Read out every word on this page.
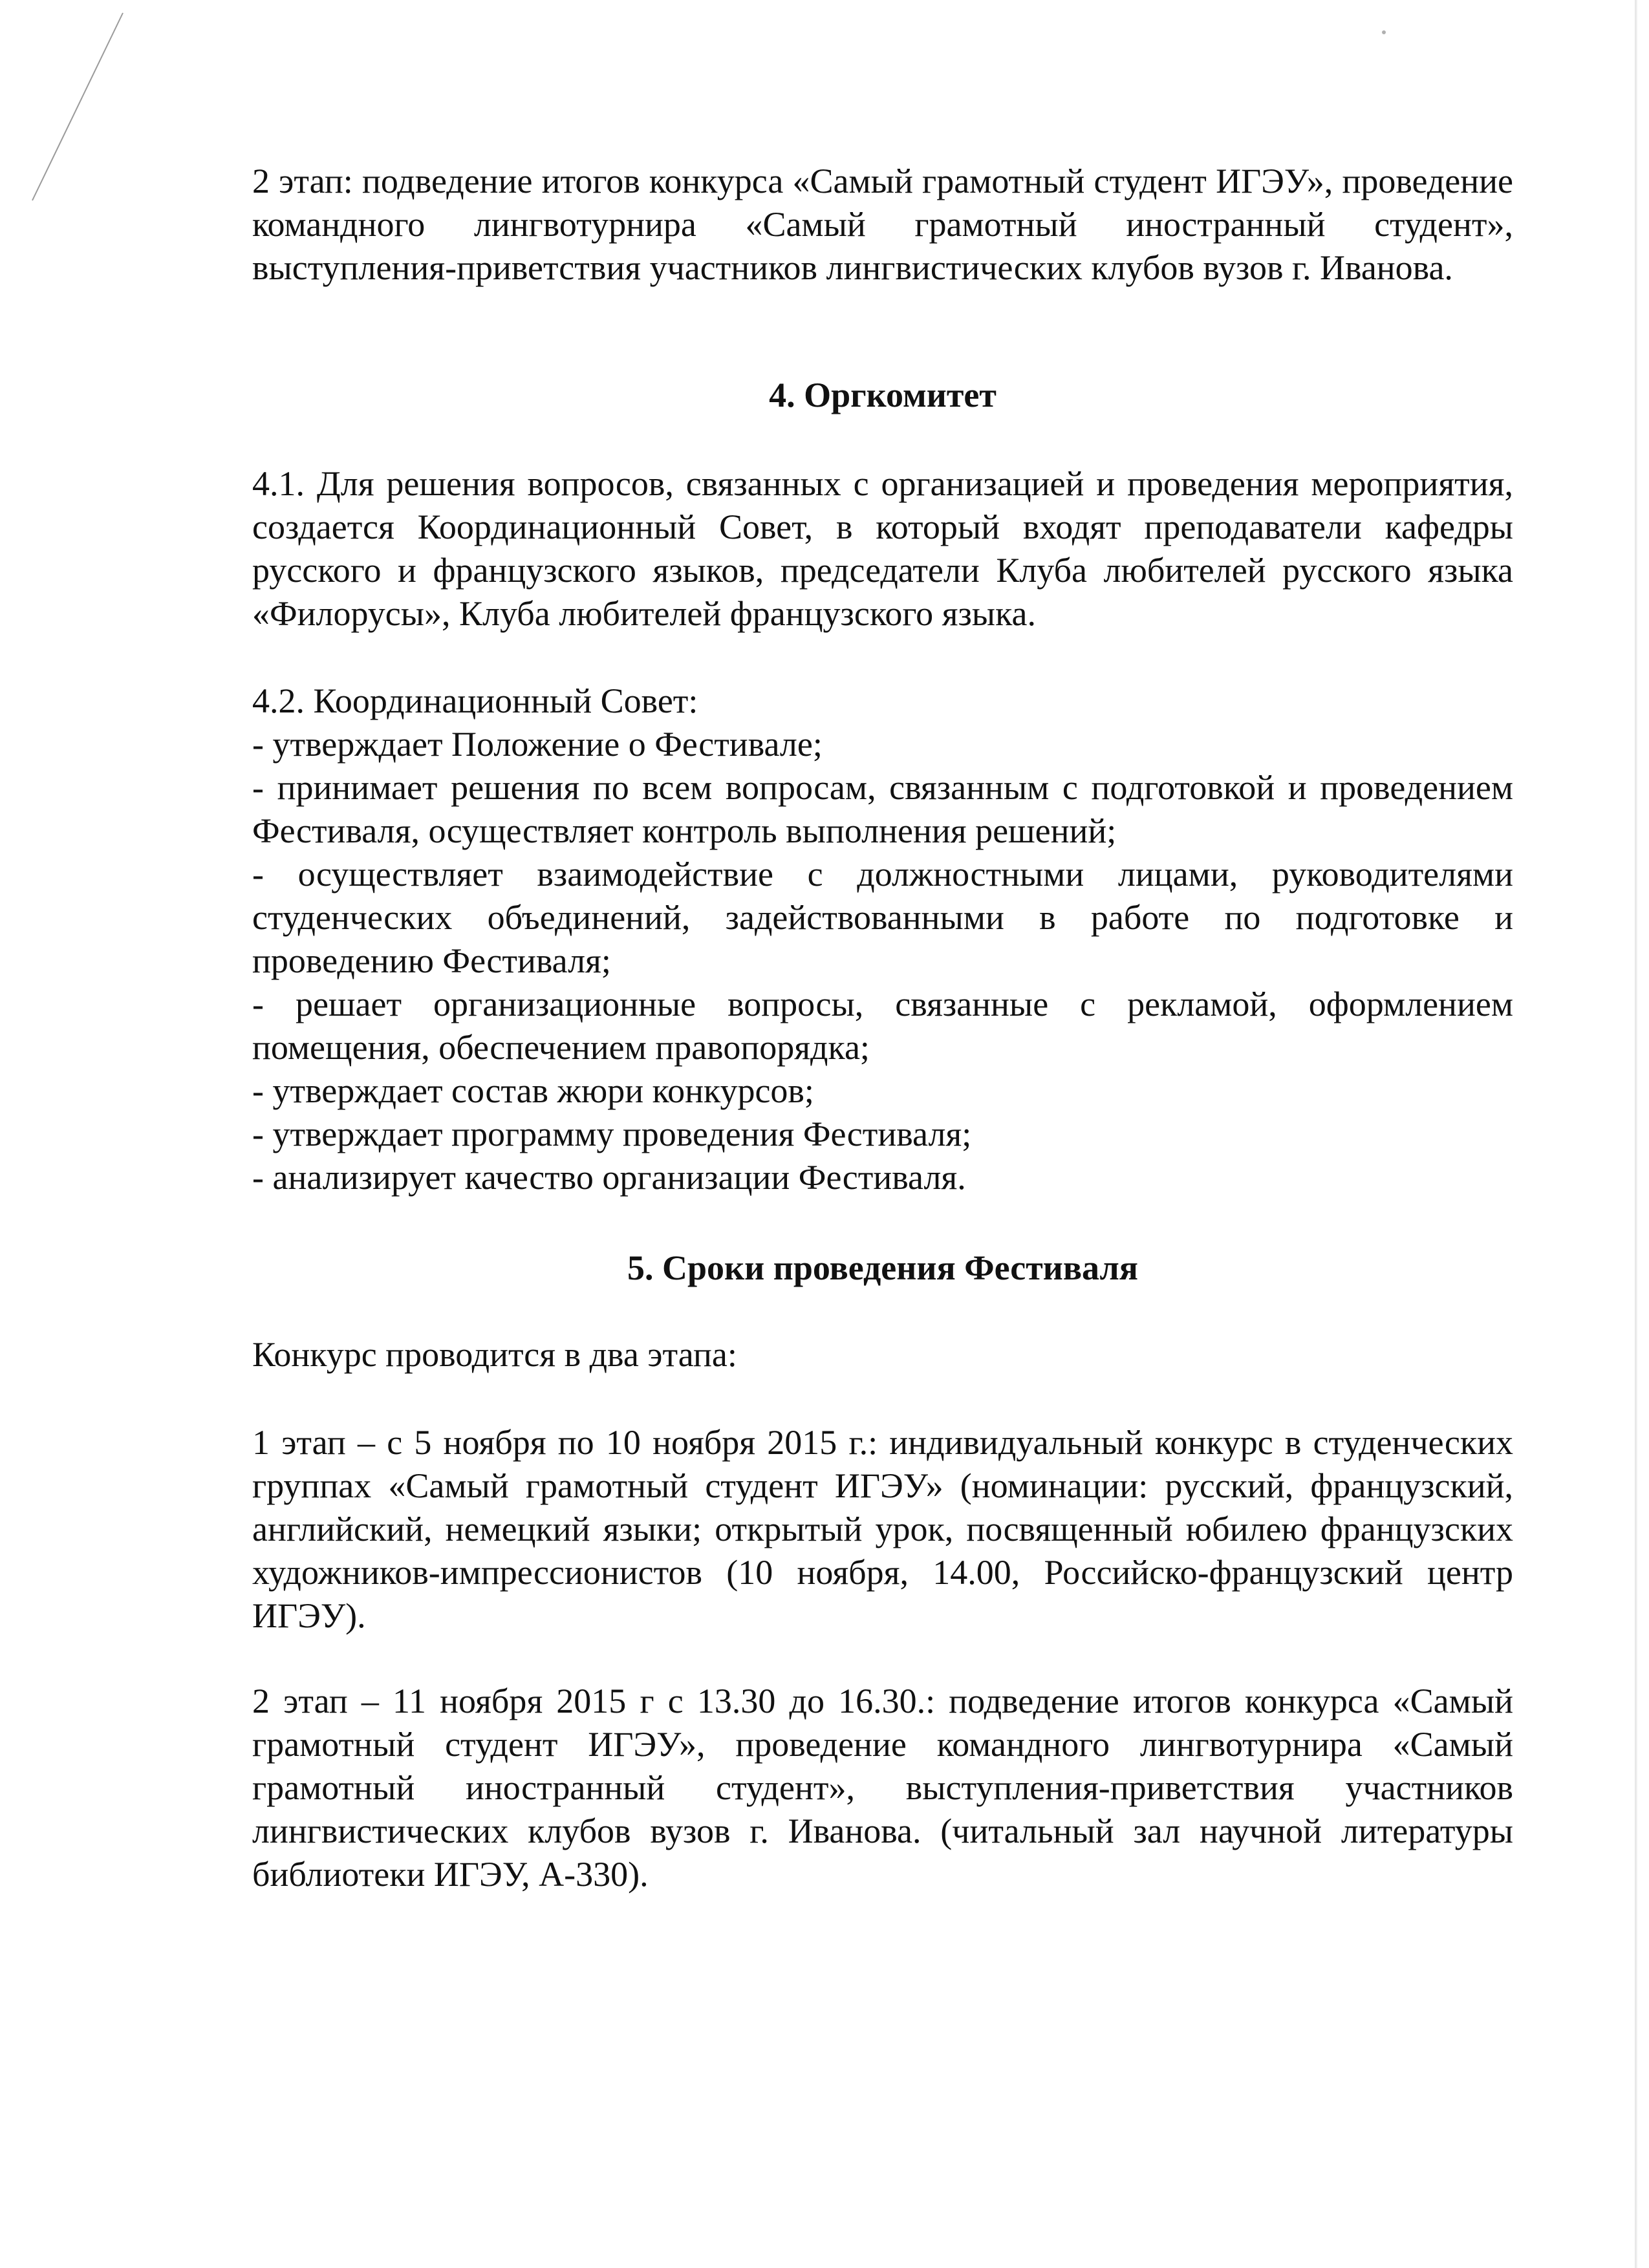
2 этап: подведение итогов конкурса «Самый грамотный студент ИГЭУ», проведение командного лингвотурнира «Самый грамотный иностранный студент», выступления-приветствия участников лингвистических клубов вузов г. Иванова.
4. Оргкомитет
4.1. Для решения вопросов, связанных с организацией и проведения мероприятия, создается Координационный Совет, в который входят преподаватели кафедры русского и французского языков, председатели Клуба любителей русского языка «Филорусы», Клуба любителей французского языка.
4.2. Координационный Совет:
- утверждает Положение о Фестивале;
- принимает решения по всем вопросам, связанным с подготовкой и проведением Фестиваля, осуществляет контроль выполнения решений;
- осуществляет взаимодействие с должностными лицами, руководителями студенческих объединений, задействованными в работе по подготовке и проведению Фестиваля;
- решает организационные вопросы, связанные с рекламой, оформлением помещения, обеспечением правопорядка;
- утверждает состав жюри конкурсов;
- утверждает программу проведения Фестиваля;
- анализирует качество организации Фестиваля.
5. Сроки проведения Фестиваля
Конкурс проводится в два этапа:
1 этап – с 5 ноября по 10 ноября 2015 г.: индивидуальный конкурс в студенческих группах «Самый грамотный студент ИГЭУ» (номинации: русский, французский, английский, немецкий языки; открытый урок, посвященный юбилею французских художников-импрессионистов (10 ноября, 14.00, Российско-французский центр ИГЭУ).
2 этап – 11 ноября 2015 г с 13.30 до 16.30.: подведение итогов конкурса «Самый грамотный студент ИГЭУ», проведение командного лингвотурнира «Самый грамотный иностранный студент», выступления-приветствия участников лингвистических клубов вузов г. Иванова. (читальный зал научной литературы библиотеки ИГЭУ, А-330).
